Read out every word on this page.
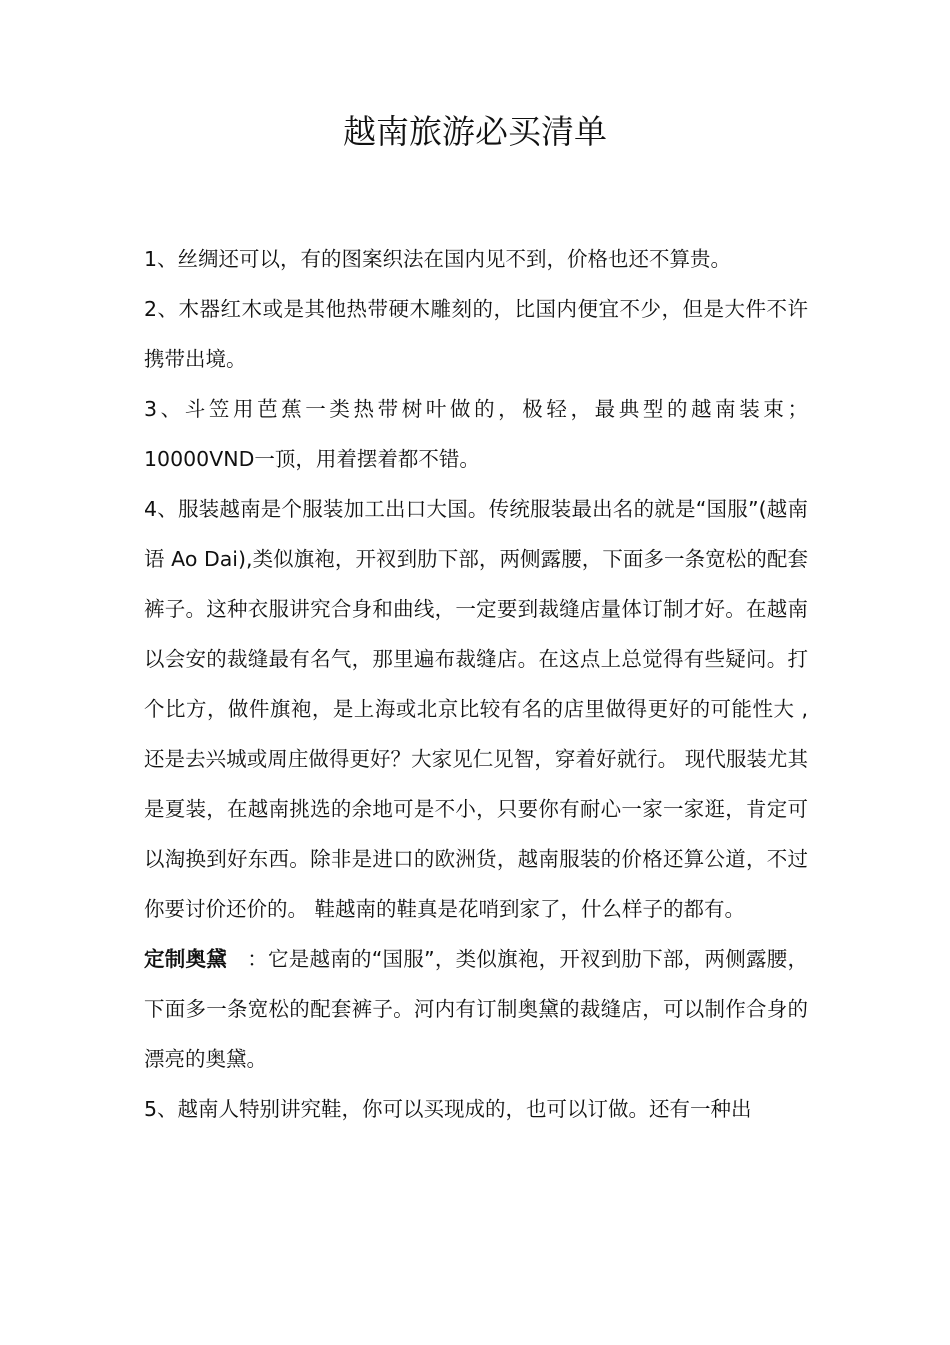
越南旅游必买清单

1、丝绸还可以，有的图案织法在国内见不到，价格也还不算贵。

2、木器红木或是其他热带硬木雕刻的，比国内便宜不少，但是大件不许携带出境。

3、斗笠用芭蕉一类热带树叶做的，极轻，最典型的越南装束；10000VND一顶，用着摆着都不错。

4、服装越南是个服装加工出口大国。传统服装最出名的就是“国服”(越南语 Ao Dai),类似旗袍，开衩到肋下部，两侧露腰，下面多一条宽松的配套裤子。这种衣服讲究合身和曲线，一定要到裁缝店量体订制才好。在越南以会安的裁缝最有名气，那里遍布裁缝店。在这点上总觉得有些疑问。打个比方，做件旗袍，是上海或北京比较有名的店里做得更好的可能性大 ,还是去兴城或周庄做得更好？大家见仁见智，穿着好就行。 现代服装尤其是夏装，在越南挑选的余地可是不小，只要你有耐心一家一家逛，肯定可以淘换到好东西。除非是进口的欧洲货，越南服装的价格还算公道，不过你要讨价还价的。 鞋越南的鞋真是花哨到家了，什么样子的都有。

定制奥黛   ：它是越南的“国服”，类似旗袍，开衩到肋下部，两侧露腰，下面多一条宽松的配套裤子。河内有订制奥黛的裁缝店，可以制作合身的漂亮的奥黛。

5、越南人特别讲究鞋，你可以买现成的，也可以订做。还有一种出
